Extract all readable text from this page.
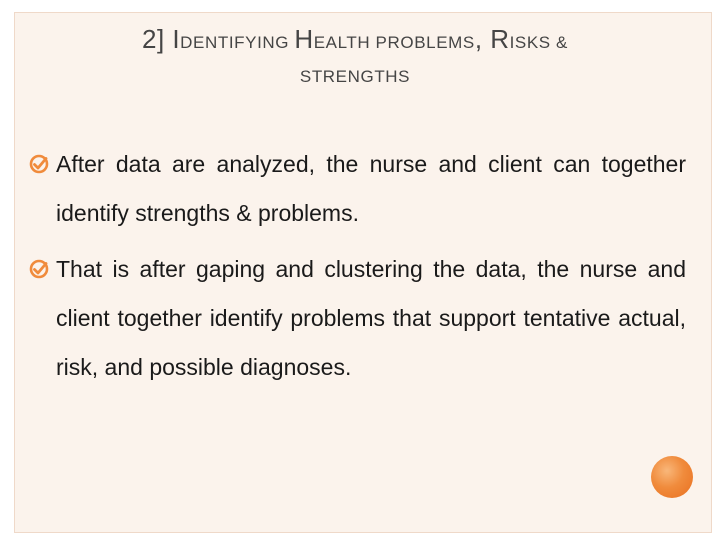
2] IDENTIFYING HEALTH PROBLEMS, RISKS &
STRENGTHS
After data are analyzed, the nurse and client can together identify strengths & problems.
That is after gaping and clustering the data, the nurse and client together identify problems that support tentative actual, risk, and possible diagnoses.
